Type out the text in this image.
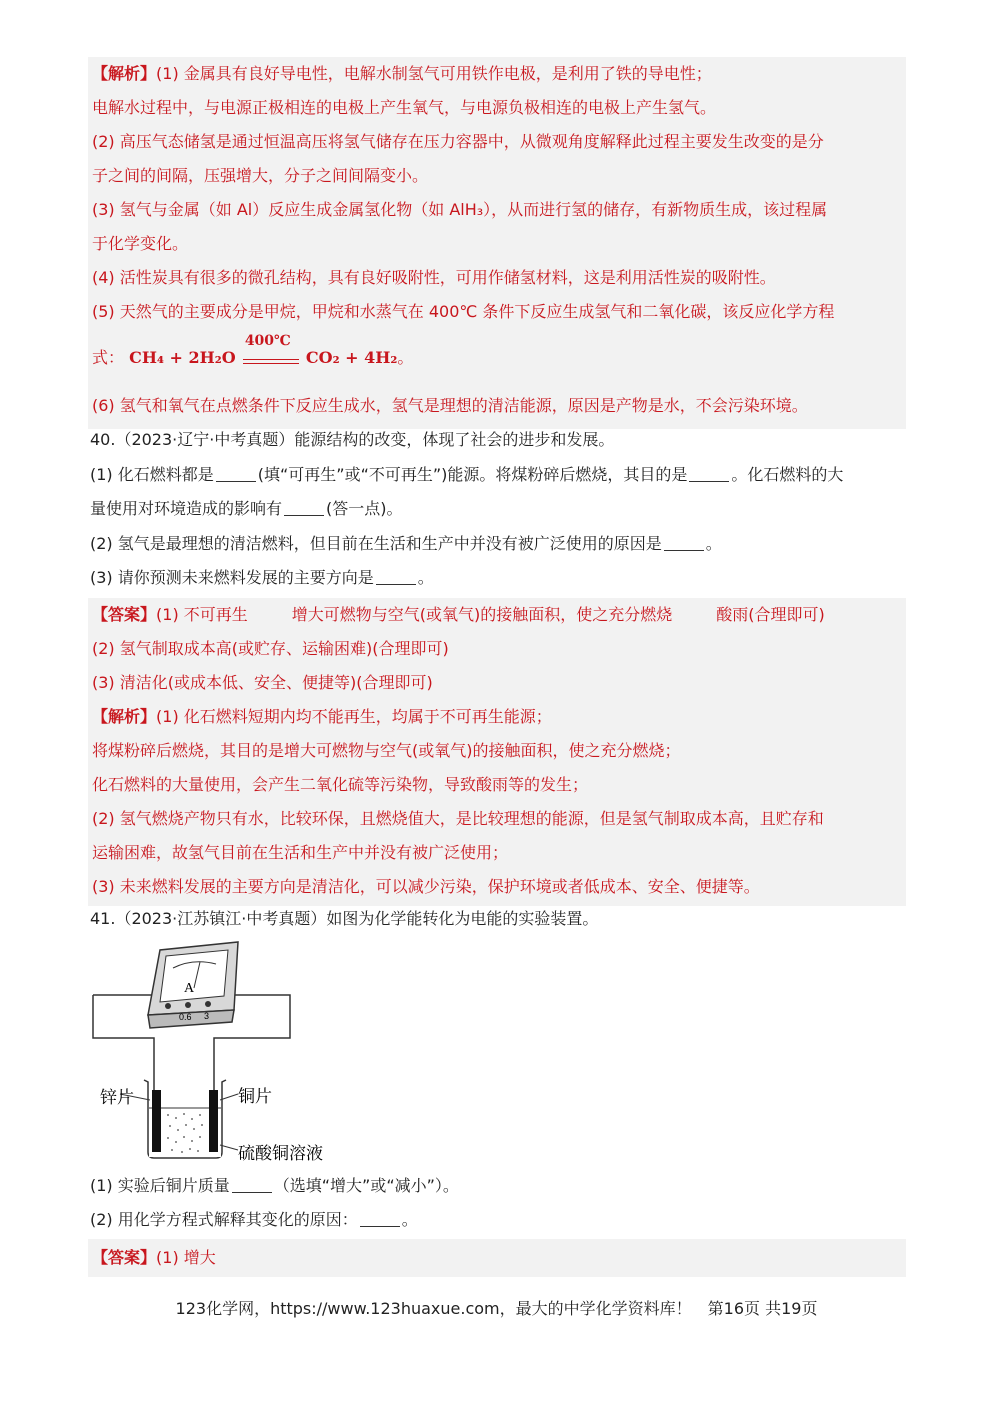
【解析】(1) 金属具有良好导电性，电解水制氢气可用铁作电极，是利用了铁的导电性；
电解水过程中，与电源正极相连的电极上产生氧气，与电源负极相连的电极上产生氢气。
(2) 高压气态储氢是通过恒温高压将氢气储存在压力容器中，从微观角度解释此过程主要发生改变的是分
子之间的间隔，压强增大，分子之间间隔变小。
(3) 氢气与金属（如 Al）反应生成金属氢化物（如 AlH₃），从而进行氢的储存，有新物质生成，该过程属
于化学变化。
(4) 活性炭具有很多的微孔结构，具有良好吸附性，可用作储氢材料，这是利用活性炭的吸附性。
(5) 天然气的主要成分是甲烷，甲烷和水蒸气在 400℃ 条件下反应生成氢气和二氧化碳，该反应化学方程
式： CH₄ + 2H₂O
400℃
CO₂ + 4H₂。
(6) 氢气和氧气在点燃条件下反应生成水，氢气是理想的清洁能源，原因是产物是水，不会污染环境。
40.（2023·辽宁·中考真题）能源结构的改变，体现了社会的进步和发展。
(1) 化石燃料都是	(填“可再生”或“不可再生”)能源。将煤粉碎后燃烧，其目的是	。化石燃料的大
量使用对环境造成的影响有	(答一点)。
(2) 氢气是最理想的清洁燃料，但目前在生活和生产中并没有被广泛使用的原因是	。
(3) 请你预测未来燃料发展的主要方向是	。
【答案】(1) 不可再生	增大可燃物与空气(或氧气)的接触面积，使之充分燃烧	酸雨(合理即可)
(2) 氢气制取成本高(或贮存、运输困难)(合理即可)
(3) 清洁化(或成本低、安全、便捷等)(合理即可)
【解析】(1) 化石燃料短期内均不能再生，均属于不可再生能源；
将煤粉碎后燃烧，其目的是增大可燃物与空气(或氧气)的接触面积，使之充分燃烧；
化石燃料的大量使用，会产生二氧化硫等污染物，导致酸雨等的发生；
(2) 氢气燃烧产物只有水，比较环保，且燃烧值大，是比较理想的能源，但是氢气制取成本高，且贮存和
运输困难，故氢气目前在生活和生产中并没有被广泛使用；
(3) 未来燃料发展的主要方向是清洁化，可以减少污染，保护环境或者低成本、安全、便捷等。
41.（2023·江苏镇江·中考真题）如图为化学能转化为电能的实验装置。
A
0.6 3
锌片	铜片
硫酸铜溶液
(1) 实验后铜片质量	（选填“增大”或“减小”）。
(2) 用化学方程式解释其变化的原因：	。
【答案】(1) 增大
123化学网，https://www.123huaxue.com，最大的中学化学资料库！　第16页 共19页
